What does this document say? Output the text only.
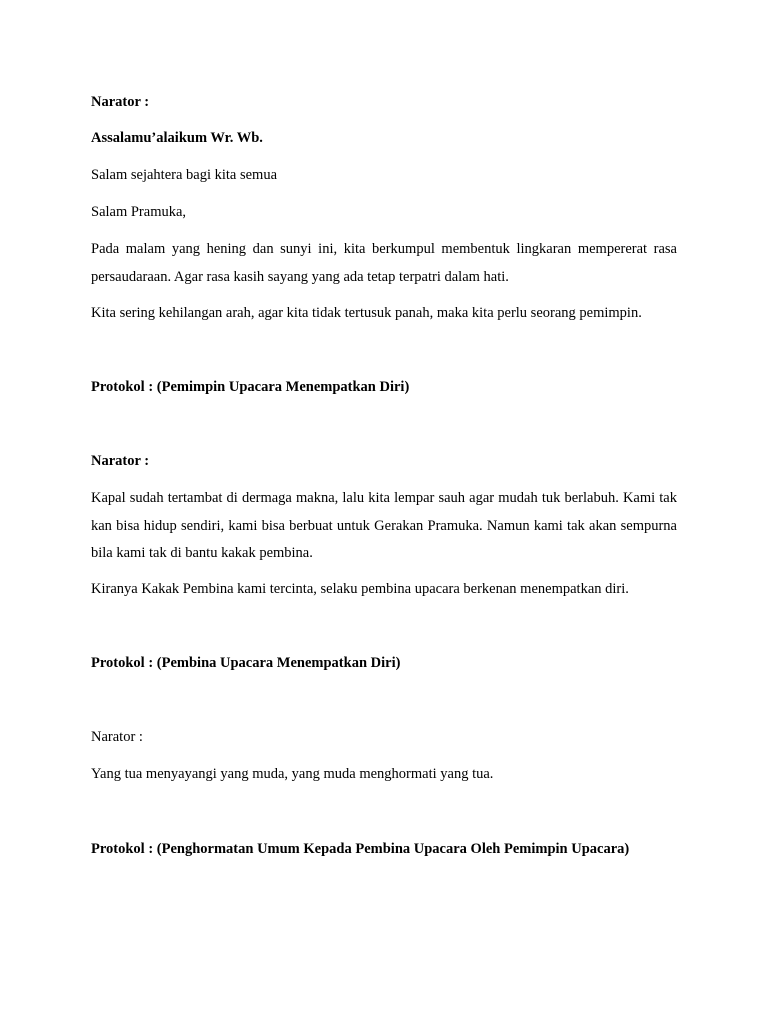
Narator :

Assalamu’alaikum Wr. Wb.

Salam sejahtera bagi kita semua

Salam Pramuka,

Pada malam yang hening dan sunyi ini, kita berkumpul membentuk lingkaran mempererat rasa persaudaraan. Agar rasa kasih sayang yang ada tetap terpatri dalam hati.

Kita sering kehilangan arah, agar kita tidak tertusuk panah, maka kita perlu seorang pemimpin.

Protokol : (Pemimpin Upacara Menempatkan Diri)

Narator :

Kapal sudah tertambat di dermaga makna, lalu kita lempar sauh agar mudah tuk berlabuh. Kami tak kan bisa hidup sendiri, kami bisa berbuat untuk Gerakan Pramuka. Namun kami tak akan sempurna bila kami tak di bantu kakak pembina.

Kiranya Kakak Pembina kami tercinta, selaku pembina upacara berkenan menempatkan diri.

Protokol : (Pembina Upacara Menempatkan Diri)

Narator :

Yang tua menyayangi yang muda, yang muda menghormati yang tua.

Protokol : (Penghormatan Umum Kepada Pembina Upacara Oleh Pemimpin Upacara)
